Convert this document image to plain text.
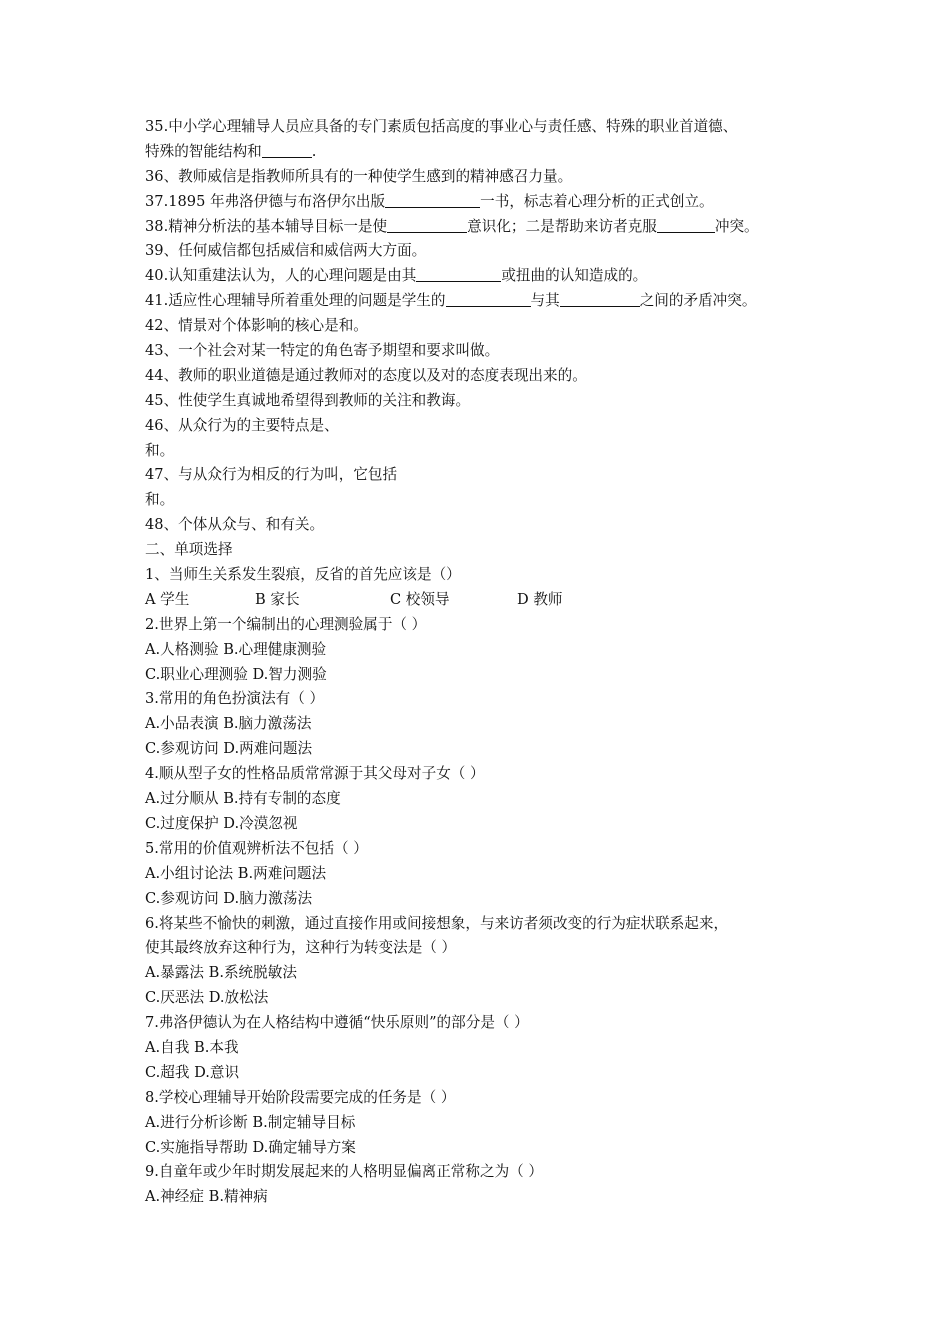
35.中小学心理辅导人员应具备的专门素质包括高度的事业心与责任感、特殊的职业首道德、
特殊的智能结构和	.
36、教师威信是指教师所具有的一种使学生感到的精神感召力量。
37.1895 年弗洛伊德与布洛伊尔出版	一书，标志着心理分析的正式创立。
38.精神分析法的基本辅导目标一是使	意识化；二是帮助来访者克服	冲突。
39、任何威信都包括威信和威信两大方面。
40.认知重建法认为，人的心理问题是由其	或扭曲的认知造成的。
41.适应性心理辅导所着重处理的问题是学生的	与其	之间的矛盾冲突。
42、情景对个体影响的核心是和。
43、一个社会对某一特定的角色寄予期望和要求叫做。
44、教师的职业道德是通过教师对的态度以及对的态度表现出来的。
45、性使学生真诚地希望得到教师的关注和教诲。
46、从众行为的主要特点是、
和。
47、与从众行为相反的行为叫，它包括
和。
48、个体从众与、和有关。
二、单项选择
1、当师生关系发生裂痕，反省的首先应该是（）
A 学生	B 家长	C 校领导	D 教师
2.世界上第一个编制出的心理测验属于（ ）
A.人格测验 B.心理健康测验
C.职业心理测验 D.智力测验
3.常用的角色扮演法有（ ）
A.小品表演 B.脑力激荡法
C.参观访问 D.两难问题法
4.顺从型子女的性格品质常常源于其父母对子女（ ）
A.过分顺从 B.持有专制的态度
C.过度保护 D.冷漠忽视
5.常用的价值观辨析法不包括（ ）
A.小组讨论法 B.两难问题法
C.参观访问 D.脑力激荡法
6.将某些不愉快的刺激，通过直接作用或间接想象，与来访者须改变的行为症状联系起来，
使其最终放弃这种行为，这种行为转变法是（ ）
A.暴露法 B.系统脱敏法
C.厌恶法 D.放松法
7.弗洛伊德认为在人格结构中遵循“快乐原则”的部分是（ ）
A.自我 B.本我
C.超我 D.意识
8.学校心理辅导开始阶段需要完成的任务是（ ）
A.进行分析诊断 B.制定辅导目标
C.实施指导帮助 D.确定辅导方案
9.自童年或少年时期发展起来的人格明显偏离正常称之为（ ）
A.神经症 B.精神病
